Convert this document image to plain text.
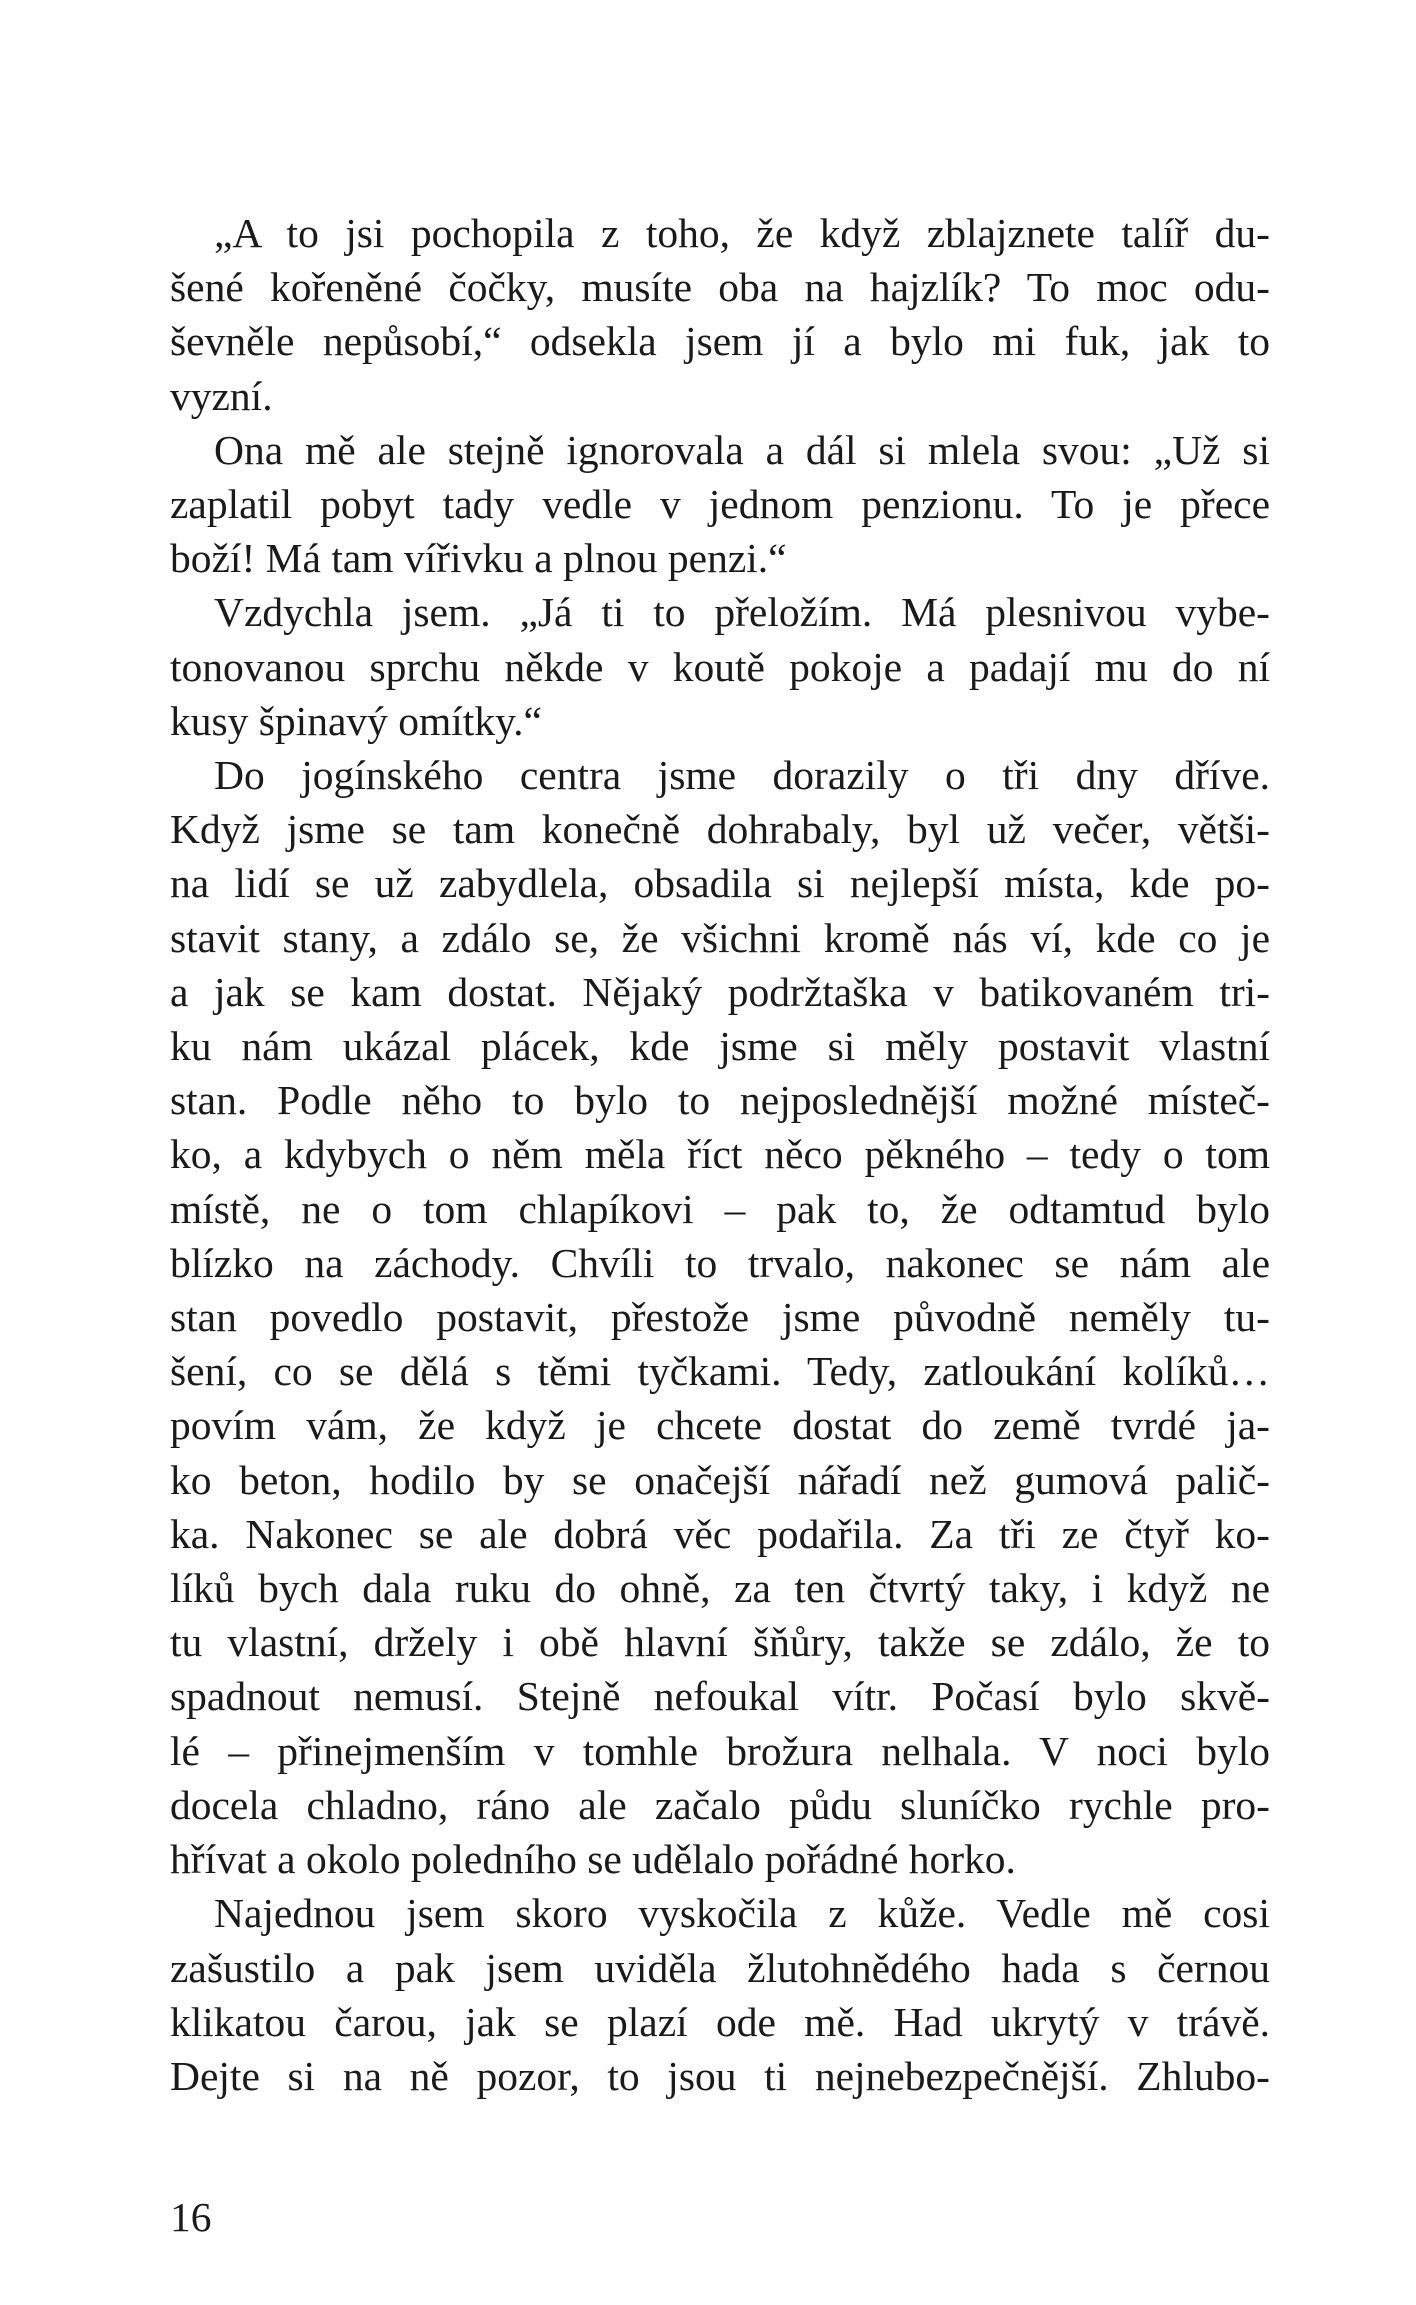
„A to jsi pochopila z toho, že když zblajznete talíř du-
šené kořeněné čočky, musíte oba na hajzlík? To moc odu-
ševněle nepůsobí,“ odsekla jsem jí a bylo mi fuk, jak to
vyzní.
Ona mě ale stejně ignorovala a dál si mlela svou: „Už si
zaplatil pobyt tady vedle v jednom penzionu. To je přece
boží! Má tam vířivku a plnou penzi.“
Vzdychla jsem. „Já ti to přeložím. Má plesnivou vybe-
tonovanou sprchu někde v koutě pokoje a padají mu do ní
kusy špinavý omítky.“
Do jogínského centra jsme dorazily o tři dny dříve.
Když jsme se tam konečně dohrabaly, byl už večer, větši-
na lidí se už zabydlela, obsadila si nejlepší místa, kde po-
stavit stany, a zdálo se, že všichni kromě nás ví, kde co je
a jak se kam dostat. Nějaký podržtaška v batikovaném tri-
ku nám ukázal plácek, kde jsme si měly postavit vlastní
stan. Podle něho to bylo to nejposlednější možné místeč-
ko, a kdybych o něm měla říct něco pěkného – tedy o tom
místě, ne o tom chlapíkovi – pak to, že odtamtud bylo
blízko na záchody. Chvíli to trvalo, nakonec se nám ale
stan povedlo postavit, přestože jsme původně neměly tu-
šení, co se dělá s těmi tyčkami. Tedy, zatloukání kolíků…
povím vám, že když je chcete dostat do země tvrdé ja-
ko beton, hodilo by se onačejší nářadí než gumová palič-
ka. Nakonec se ale dobrá věc podařila. Za tři ze čtyř ko-
líků bych dala ruku do ohně, za ten čtvrtý taky, i když ne
tu vlastní, držely i obě hlavní šňůry, takže se zdálo, že to
spadnout nemusí. Stejně nefoukal vítr. Počasí bylo skvě-
lé – přinejmenším v tomhle brožura nelhala. V noci bylo
docela chladno, ráno ale začalo půdu sluníčko rychle pro-
hřívat a okolo poledního se udělalo pořádné horko.
Najednou jsem skoro vyskočila z kůže. Vedle mě cosi
zašustilo a pak jsem uviděla žlutohnědého hada s černou
klikatou čarou, jak se plazí ode mě. Had ukrytý v trávě.
Dejte si na ně pozor, to jsou ti nejnebezpečnější. Zhlubo-
16
